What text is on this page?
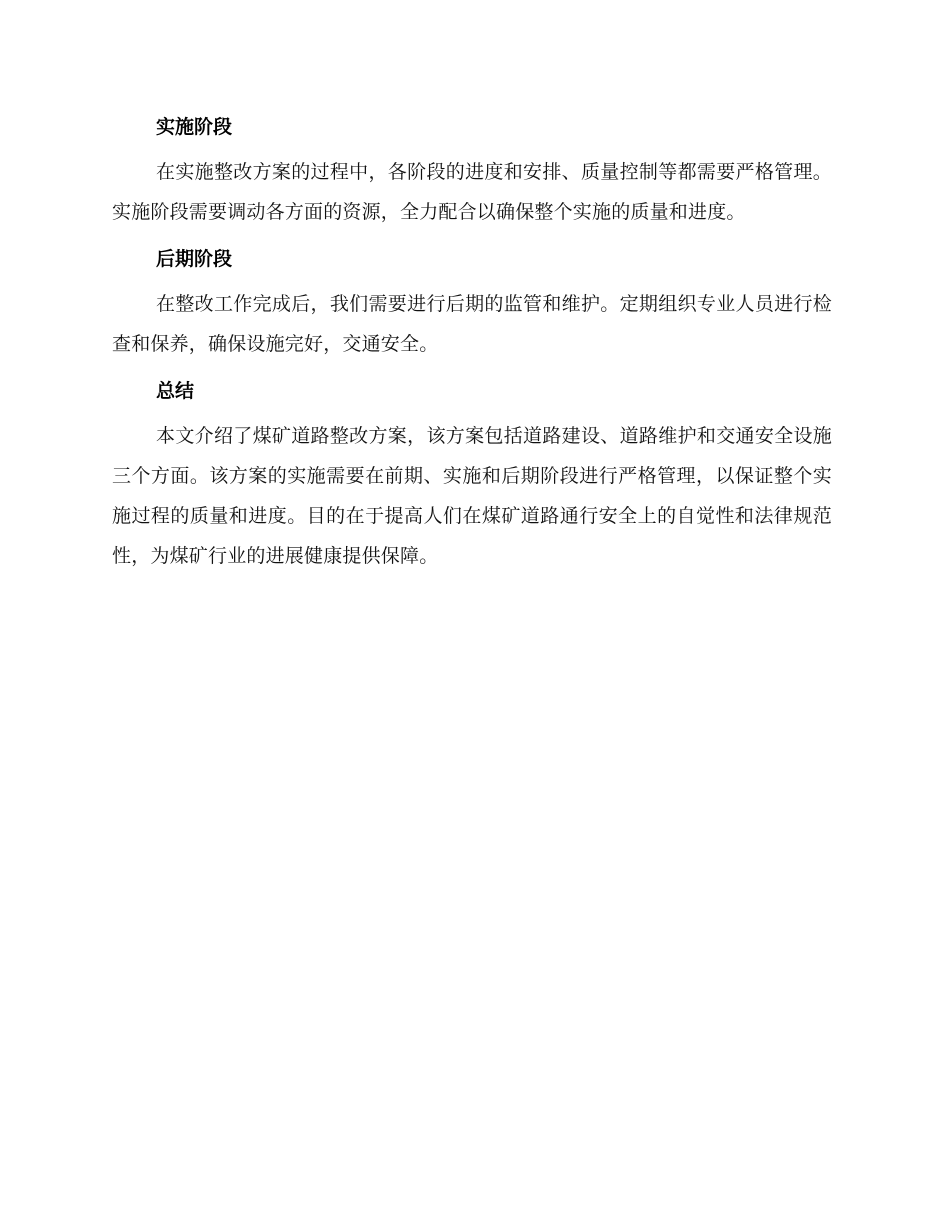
实施阶段

在实施整改方案的过程中，各阶段的进度和安排、质量控制等都需要严格管理。实施阶段需要调动各方面的资源，全力配合以确保整个实施的质量和进度。

后期阶段

在整改工作完成后，我们需要进行后期的监管和维护。定期组织专业人员进行检查和保养，确保设施完好，交通安全。

总结

本文介绍了煤矿道路整改方案，该方案包括道路建设、道路维护和交通安全设施三个方面。该方案的实施需要在前期、实施和后期阶段进行严格管理，以保证整个实施过程的质量和进度。目的在于提高人们在煤矿道路通行安全上的自觉性和法律规范性，为煤矿行业的进展健康提供保障。
